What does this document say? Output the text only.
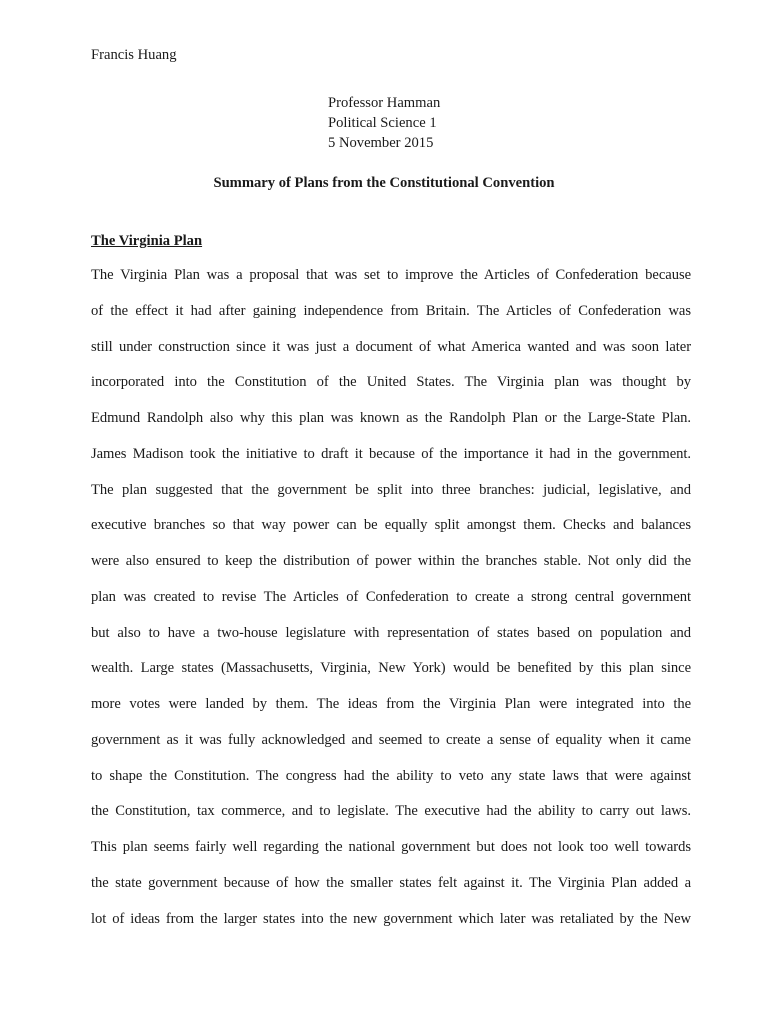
Francis Huang
Professor Hamman
Political Science 1
5 November 2015
Summary of Plans from the Constitutional Convention
The Virginia Plan
The Virginia Plan was a proposal that was set to improve the Articles of Confederation because
of the effect it had after gaining independence from Britain. The Articles of Confederation was
still under construction since it was just a document of what America wanted and was soon later
incorporated into the Constitution of the United States. The Virginia plan was thought by
Edmund Randolph also why this plan was known as the Randolph Plan or the Large-State Plan.
James Madison took the initiative to draft it because of the importance it had in the government.
The plan suggested that the government be split into three branches: judicial, legislative, and
executive branches so that way power can be equally split amongst them. Checks and balances
were also ensured to keep the distribution of power within the branches stable. Not only did the
plan was created to revise The Articles of Confederation to create a strong central government
but also to have a two-house legislature with representation of states based on population and
wealth. Large states (Massachusetts, Virginia, New York) would be benefited by this plan since
more votes were landed by them. The ideas from the Virginia Plan were integrated into the
government as it was fully acknowledged and seemed to create a sense of equality when it came
to shape the Constitution. The congress had the ability to veto any state laws that were against
the Constitution, tax commerce, and to legislate. The executive had the ability to carry out laws.
This plan seems fairly well regarding the national government but does not look too well towards
the state government because of how the smaller states felt against it. The Virginia Plan added a
lot of ideas from the larger states into the new government which later was retaliated by the New
